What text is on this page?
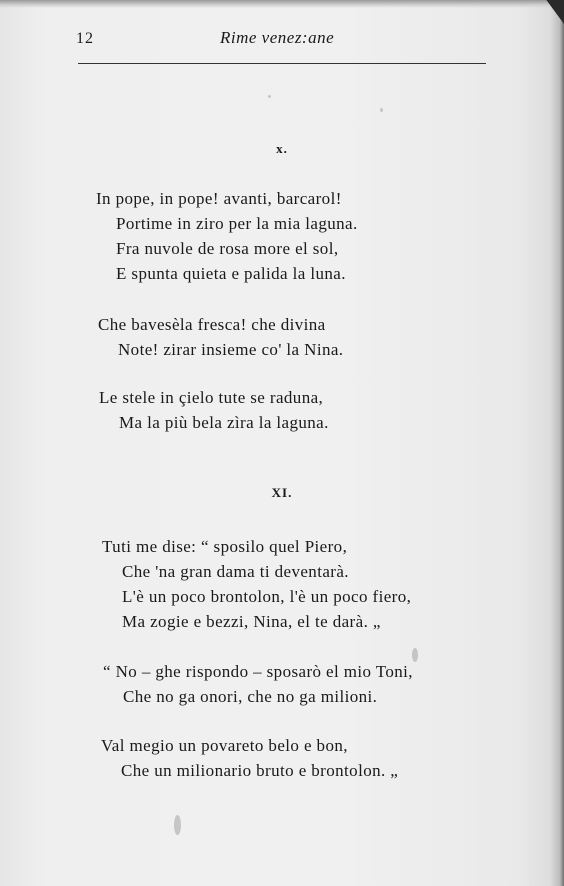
12	Rime venez:ane
x.
In pope, in pope! avanti, barcarol!
Portime in ziro per la mia laguna.
Fra nuvole de rosa more el sol,
E spunta quieta e palida la luna.
Che bavesèla fresca! che divina
Note! zirar insieme co' la Nina.
Le stele in çielo tute se raduna,
Ma la più bela zìra la laguna.
XI.
Tuti me dise: “ sposilo quel Piero,
Che 'na gran dama ti deventarà.
L'è un poco brontolon, l'è un poco fiero,
Ma zogie e bezzi, Nina, el te darà. „
“ No – ghe rispondo – sposarò el mio Toni,
Che no ga onori, che no ga milioni.
Val megio un povareto belo e bon,
Che un milionario bruto e brontolon. „
